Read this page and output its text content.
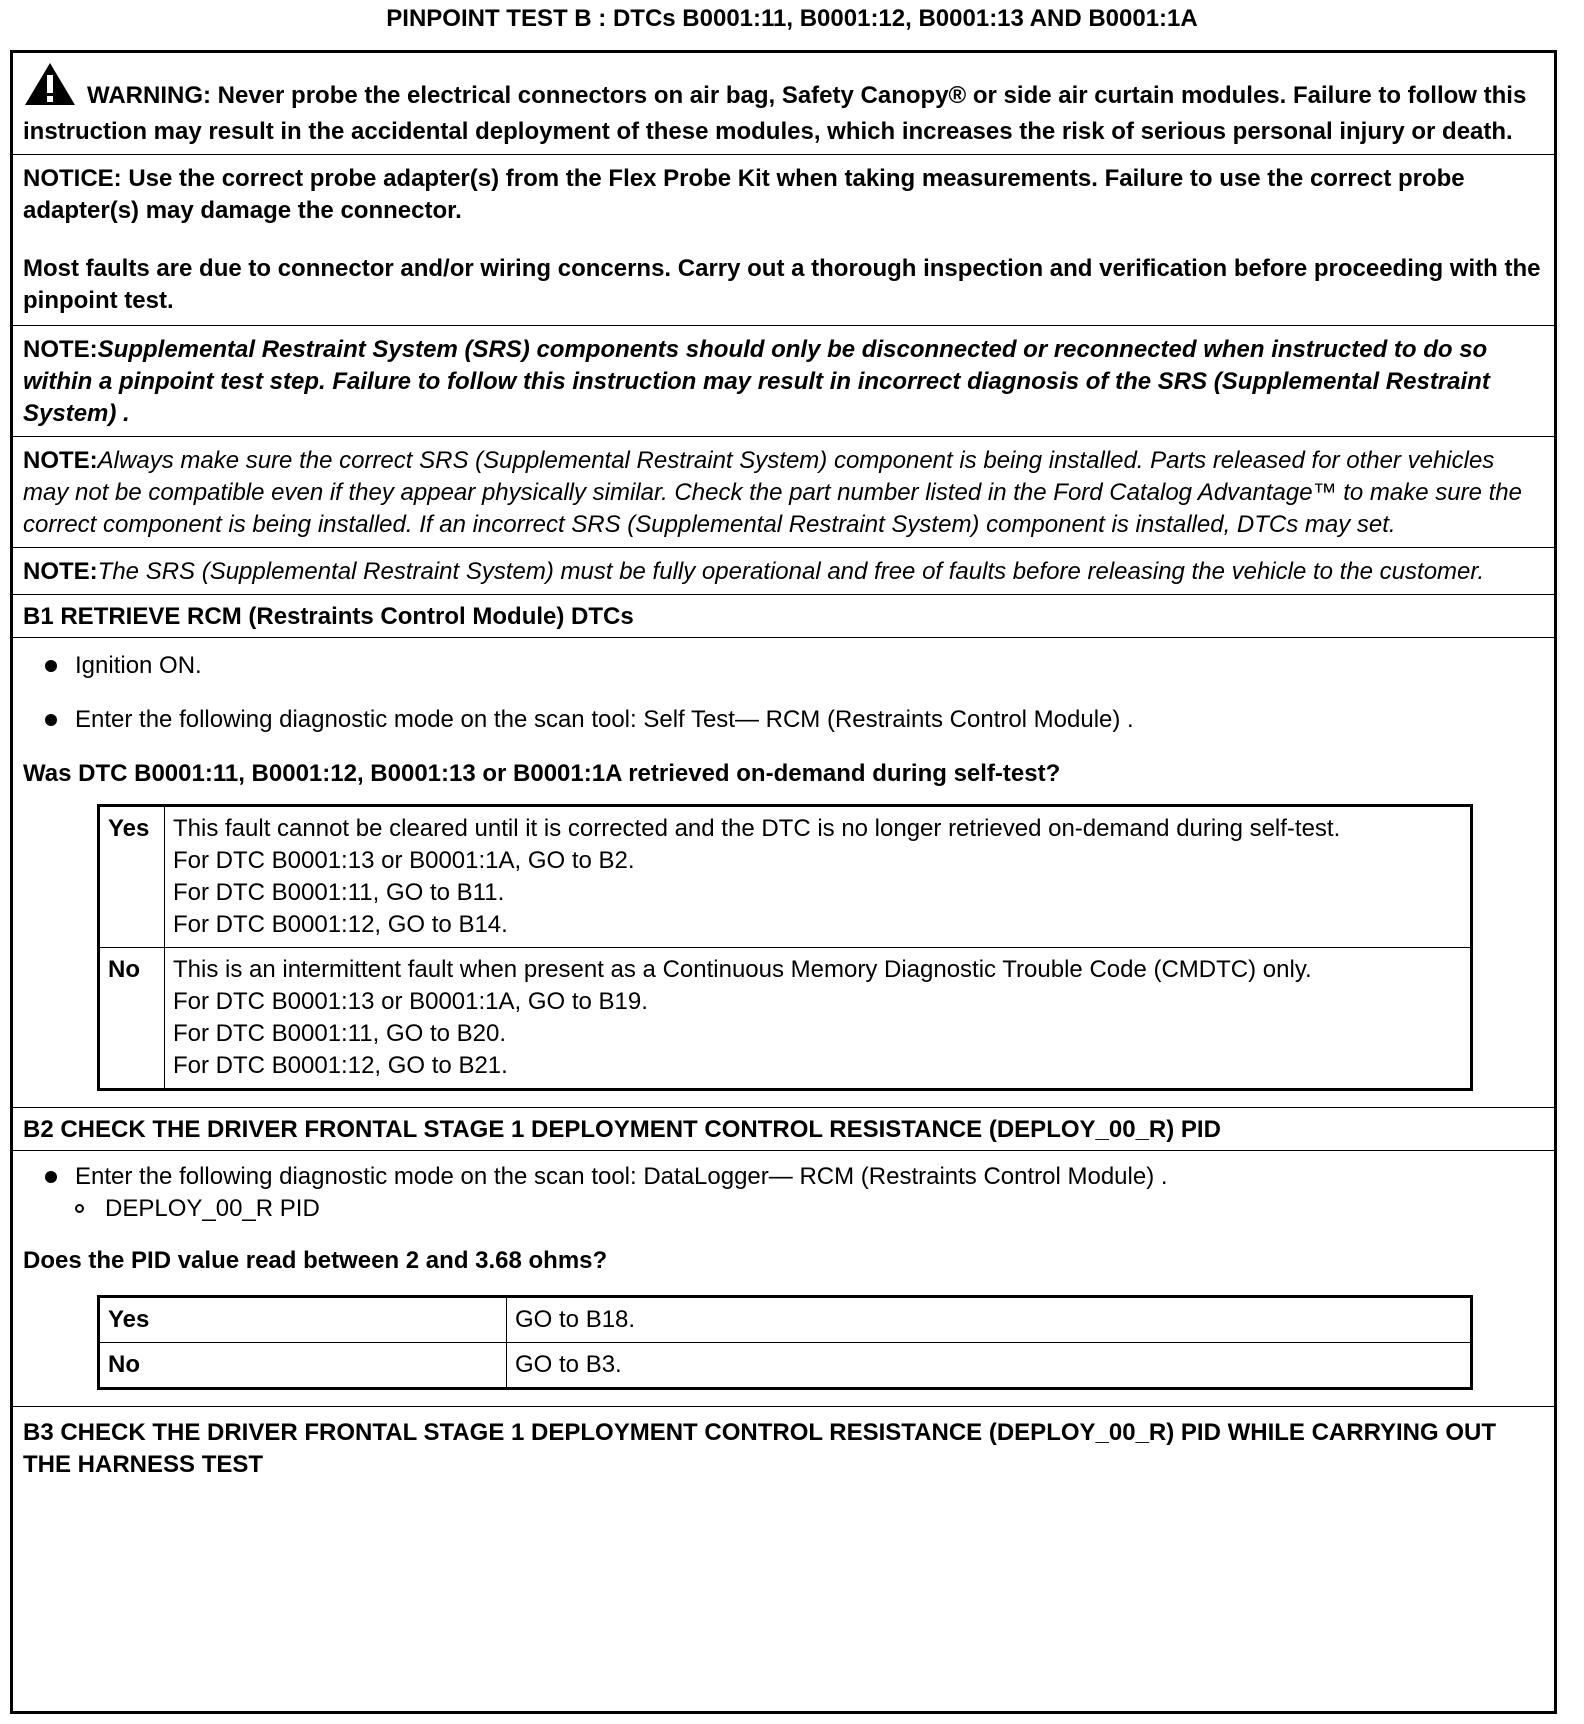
PINPOINT TEST B : DTCs B0001:11, B0001:12, B0001:13 AND B0001:1A

WARNING: Never probe the electrical connectors on air bag, Safety Canopy® or side air curtain modules. Failure to follow this instruction may result in the accidental deployment of these modules, which increases the risk of serious personal injury or death.

NOTICE: Use the correct probe adapter(s) from the Flex Probe Kit when taking measurements. Failure to use the correct probe adapter(s) may damage the connector.

Most faults are due to connector and/or wiring concerns. Carry out a thorough inspection and verification before proceeding with the pinpoint test.

NOTE:Supplemental Restraint System (SRS) components should only be disconnected or reconnected when instructed to do so within a pinpoint test step. Failure to follow this instruction may result in incorrect diagnosis of the SRS (Supplemental Restraint System) .

NOTE:Always make sure the correct SRS (Supplemental Restraint System) component is being installed. Parts released for other vehicles may not be compatible even if they appear physically similar. Check the part number listed in the Ford Catalog Advantage™ to make sure the correct component is being installed. If an incorrect SRS (Supplemental Restraint System) component is installed, DTCs may set.

NOTE:The SRS (Supplemental Restraint System) must be fully operational and free of faults before releasing the vehicle to the customer.

B1 RETRIEVE RCM (Restraints Control Module) DTCs

Ignition ON.
Enter the following diagnostic mode on the scan tool: Self Test— RCM (Restraints Control Module) .

Was DTC B0001:11, B0001:12, B0001:13 or B0001:1A retrieved on-demand during self-test?

Yes	This fault cannot be cleared until it is corrected and the DTC is no longer retrieved on-demand during self-test.
For DTC B0001:13 or B0001:1A, GO to B2.
For DTC B0001:11, GO to B11.
For DTC B0001:12, GO to B14.

No	This is an intermittent fault when present as a Continuous Memory Diagnostic Trouble Code (CMDTC) only.
For DTC B0001:13 or B0001:1A, GO to B19.
For DTC B0001:11, GO to B20.
For DTC B0001:12, GO to B21.

B2 CHECK THE DRIVER FRONTAL STAGE 1 DEPLOYMENT CONTROL RESISTANCE (DEPLOY_00_R) PID

Enter the following diagnostic mode on the scan tool: DataLogger— RCM (Restraints Control Module) .
DEPLOY_00_R PID

Does the PID value read between 2 and 3.68 ohms?

Yes	GO to B18.
No	GO to B3.

B3 CHECK THE DRIVER FRONTAL STAGE 1 DEPLOYMENT CONTROL RESISTANCE (DEPLOY_00_R) PID WHILE CARRYING OUT THE HARNESS TEST
